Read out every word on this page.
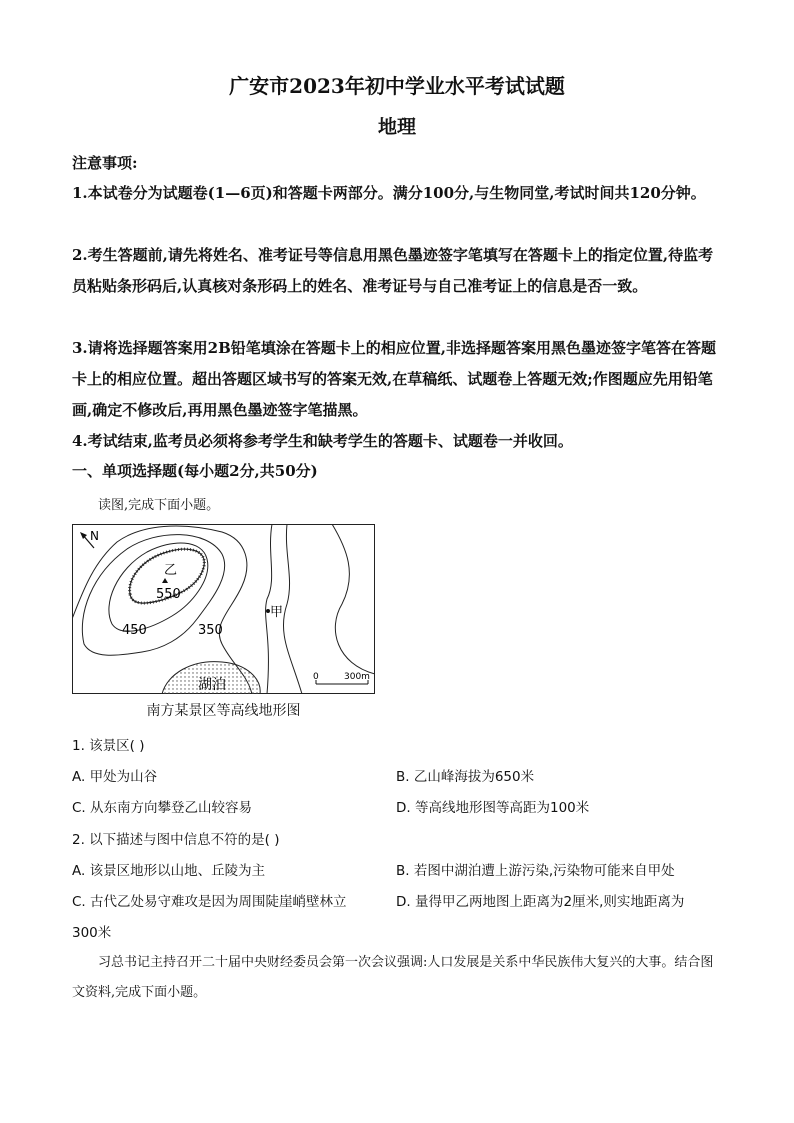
广安市2023年初中学业水平考试试题
地理
注意事项:
1.本试卷分为试题卷(1—6页)和答题卡两部分。满分100分,与生物同堂,考试时间共120分钟。
2.考生答题前,请先将姓名、准考证号等信息用黑色墨迹签字笔填写在答题卡上的指定位置,待监考员粘贴条形码后,认真核对条形码上的姓名、准考证号与自己准考证上的信息是否一致。
3.请将选择题答案用2B铅笔填涂在答题卡上的相应位置,非选择题答案用黑色墨迹签字笔答在答题卡上的相应位置。超出答题区域书写的答案无效,在草稿纸、试题卷上答题无效;作图题应先用铅笔画,确定不修改后,再用黑色墨迹签字笔描黑。
4.考试结束,监考员必须将参考学生和缺考学生的答题卡、试题卷一并收回。
一、单项选择题(每小题2分,共50分)
读图,完成下面小题。
N
乙
550
450	350
甲
湖泊	0	300m
南方某景区等高线地形图
1. 该景区( )
A. 甲处为山谷	B. 乙山峰海拔为650米
C. 从东南方向攀登乙山较容易	D. 等高线地形图等高距为100米
2. 以下描述与图中信息不符的是( )
A. 该景区地形以山地、丘陵为主	B. 若图中湖泊遭上游污染,污染物可能来自甲处
C. 古代乙处易守难攻是因为周围陡崖峭壁林立	D. 量得甲乙两地图上距离为2厘米,则实地距离为
300米
习总书记主持召开二十届中央财经委员会第一次会议强调:人口发展是关系中华民族伟大复兴的大事。结合图文资料,完成下面小题。
